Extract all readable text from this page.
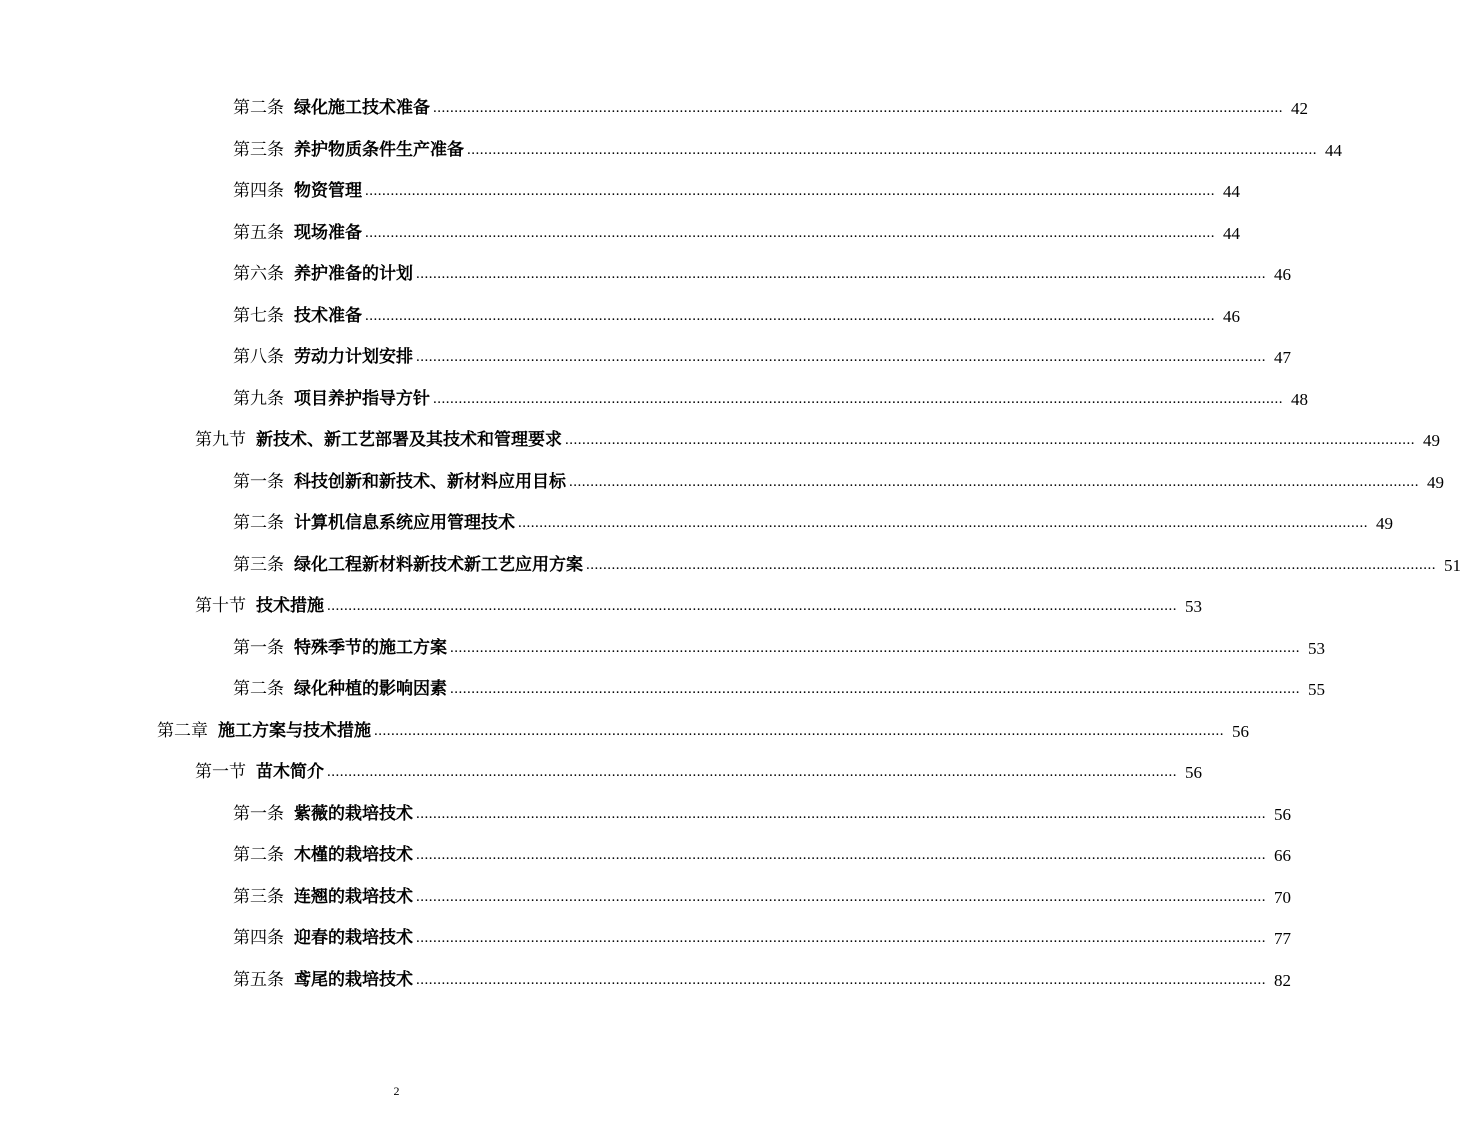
第二条 绿化施工技术准备 ........................................................................................................................................................................................................ 42
第三条 养护物质条件生产准备 ........................................................................................................................................................................................................ 44
第四条 物资管理 ........................................................................................................................................................................................................ 44
第五条 现场准备 ........................................................................................................................................................................................................ 44
第六条 养护准备的计划 ........................................................................................................................................................................................................ 46
第七条 技术准备 ........................................................................................................................................................................................................ 46
第八条 劳动力计划安排 ........................................................................................................................................................................................................ 47
第九条 项目养护指导方针 ........................................................................................................................................................................................................ 48
第九节 新技术、新工艺部署及其技术和管理要求 ........................................................................................................................................................................................................ 49
第一条 科技创新和新技术、新材料应用目标 ........................................................................................................................................................................................................ 49
第二条 计算机信息系统应用管理技术 ........................................................................................................................................................................................................ 49
第三条 绿化工程新材料新技术新工艺应用方案 ........................................................................................................................................................................................................ 51
第十节 技术措施 ........................................................................................................................................................................................................ 53
第一条 特殊季节的施工方案 ........................................................................................................................................................................................................ 53
第二条 绿化种植的影响因素 ........................................................................................................................................................................................................ 55
第二章 施工方案与技术措施 ........................................................................................................................................................................................................ 56
第一节 苗木简介 ........................................................................................................................................................................................................ 56
第一条 紫薇的栽培技术 ........................................................................................................................................................................................................ 56
第二条 木槿的栽培技术 ........................................................................................................................................................................................................ 66
第三条 连翘的栽培技术 ........................................................................................................................................................................................................ 70
第四条 迎春的栽培技术 ........................................................................................................................................................................................................ 77
第五条 鸢尾的栽培技术 ........................................................................................................................................................................................................ 82
2
